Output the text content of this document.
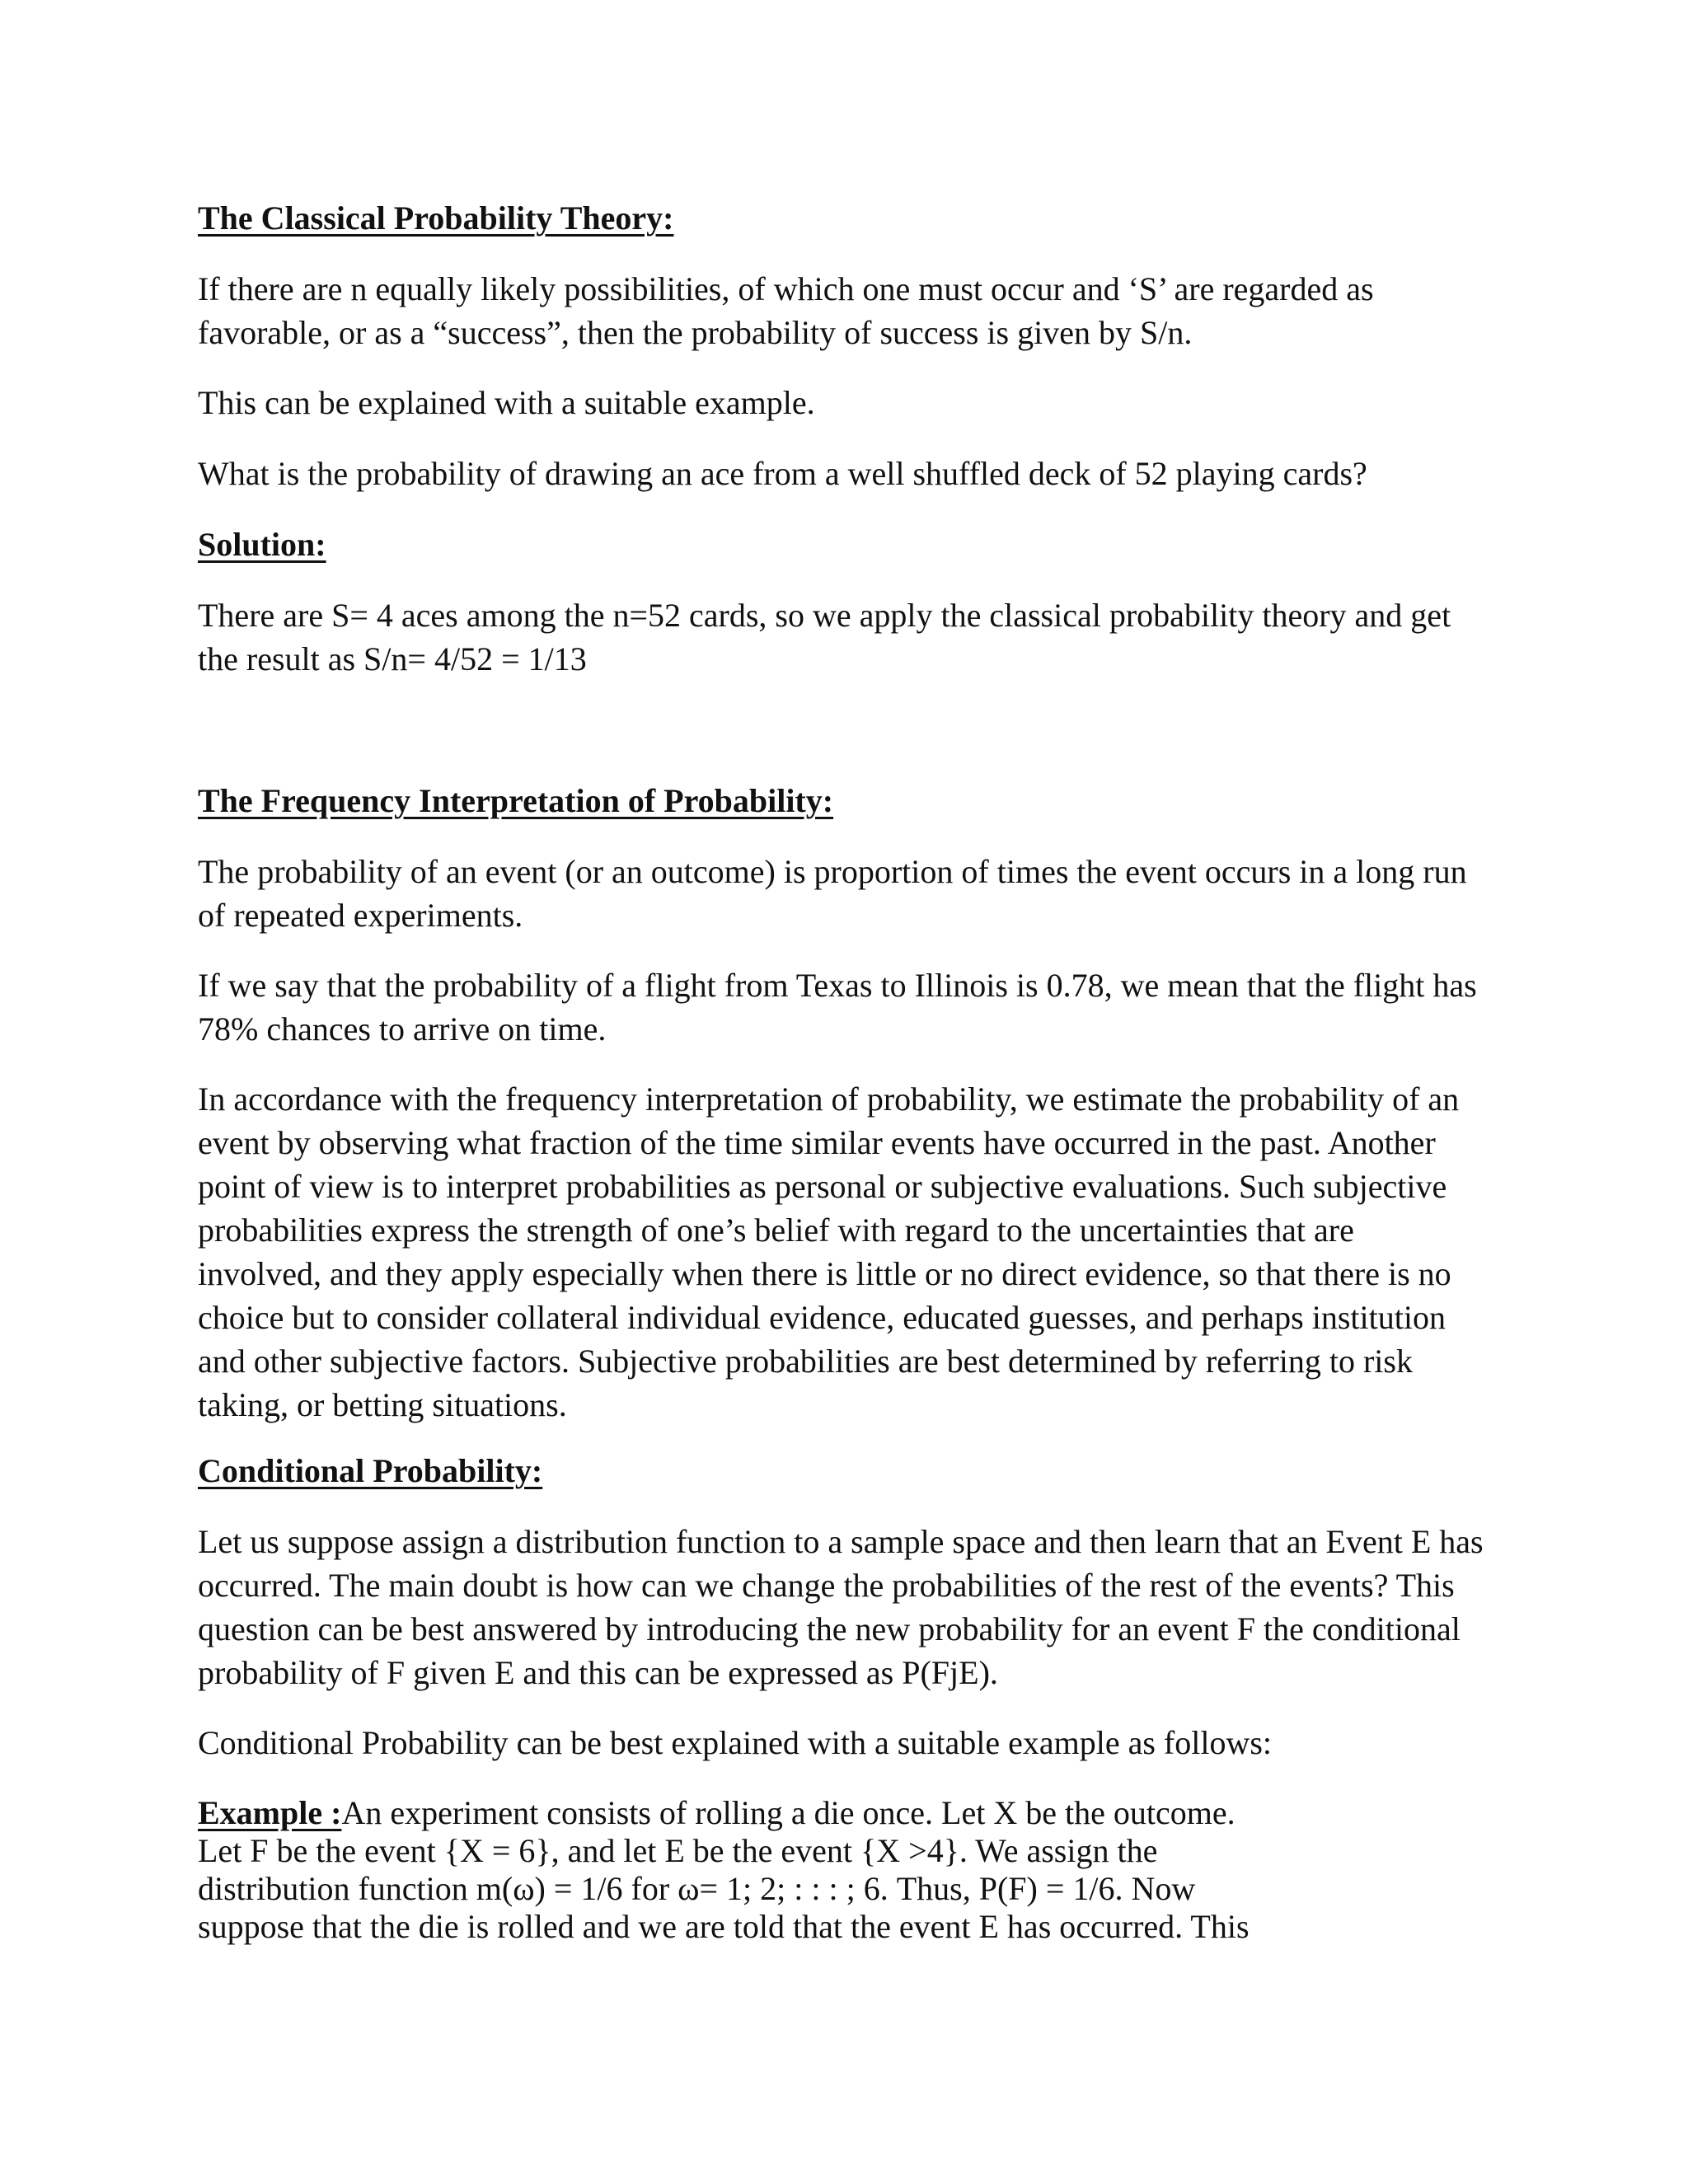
The Classical Probability Theory:

If there are n equally likely possibilities, of which one must occur and ‘S’ are regarded as
favorable, or as a “success”, then the probability of success is given by S/n.

This can be explained with a suitable example.

What is the probability of drawing an ace from a well shuffled deck of 52 playing cards?

Solution:

There are S= 4 aces among the n=52 cards, so we apply the classical probability theory and get
the result as S/n= 4/52 = 1/13

The Frequency Interpretation of Probability:

The probability of an event (or an outcome) is proportion of times the event occurs in a long run
of repeated experiments.

If we say that the probability of a flight from Texas to Illinois is 0.78, we mean that the flight has
78% chances to arrive on time.

In accordance with the frequency interpretation of probability, we estimate the probability of an
event by observing what fraction of the time similar events have occurred in the past. Another
point of view is to interpret probabilities as personal or subjective evaluations. Such subjective
probabilities express the strength of one’s belief with regard to the uncertainties that are
involved, and they apply especially when there is little or no direct evidence, so that there is no
choice but to consider collateral individual evidence, educated guesses, and perhaps institution
and other subjective factors. Subjective probabilities are best determined by referring to risk
taking, or betting situations.

Conditional Probability:

Let us suppose assign a distribution function to a sample space and then learn that an Event E has
occurred. The main doubt is how can we change the probabilities of the rest of the events? This
question can be best answered by introducing the new probability for an event F the conditional
probability of F given E and this can be expressed as P(FjE).

Conditional Probability can be best explained with a suitable example as follows:

Example :An experiment consists of rolling a die once. Let X be the outcome.
Let F be the event {X = 6}, and let E be the event {X >4}. We assign the
distribution function m(ω) = 1/6 for ω= 1; 2; : : : ; 6. Thus, P(F) = 1/6. Now
suppose that the die is rolled and we are told that the event E has occurred. This
